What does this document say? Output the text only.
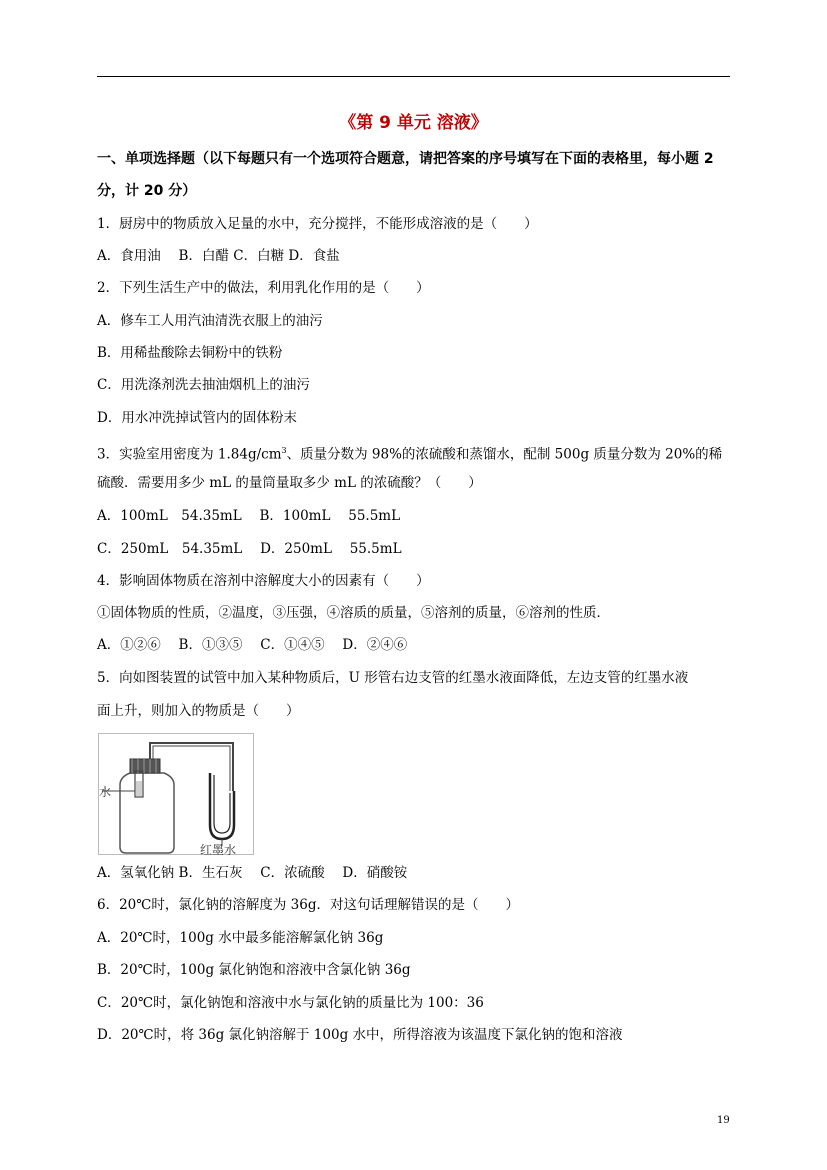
《第 9 单元 溶液》
一、单项选择题（以下每题只有一个选项符合题意，请把答案的序号填写在下面的表格里，每小题 2
分，计 20 分）
1．厨房中的物质放入足量的水中，充分搅拌，不能形成溶液的是（　　）
A．食用油　 B．白醋 C．白糖 D．食盐
2．下列生活生产中的做法，利用乳化作用的是（　　）
A．修车工人用汽油清洗衣服上的油污
B．用稀盐酸除去铜粉中的铁粉
C．用洗涤剂洗去抽油烟机上的油污
D．用水冲洗掉试管内的固体粉末
3．实验室用密度为 $1.84g/cm^3$、质量分数为 98%的浓硫酸和蒸馏水，配制 500g 质量分数为 20%的稀
硫酸．需要用多少 mL 的量筒量取多少 mL 的浓硫酸？（　　）
A．100mL　54.35mL　 B．100mL　 55.5mL
C．250mL　54.35mL　 D．250mL　 55.5mL
4．影响固体物质在溶剂中溶解度大小的因素有（　　）
①固体物质的性质，②温度，③压强，④溶质的质量，⑤溶剂的质量，⑥溶剂的性质．
A．①②⑥　 B．①③⑤　 C．①④⑤　 D．②④⑥
5．向如图装置的试管中加入某种物质后，U 形管右边支管的红墨水液面降低，左边支管的红墨水液
面上升，则加入的物质是（　　）
水
红墨水
A．氢氧化钠 B．生石灰　 C．浓硫酸　 D．硝酸铵
6．20℃时，氯化钠的溶解度为 36g．对这句话理解错误的是（　　）
A．20℃时，100g 水中最多能溶解氯化钠 36g
B．20℃时，100g 氯化钠饱和溶液中含氯化钠 36g
C．20℃时，氯化钠饱和溶液中水与氯化钠的质量比为 100：36
D．20℃时，将 36g 氯化钠溶解于 100g 水中，所得溶液为该温度下氯化钠的饱和溶液
19
